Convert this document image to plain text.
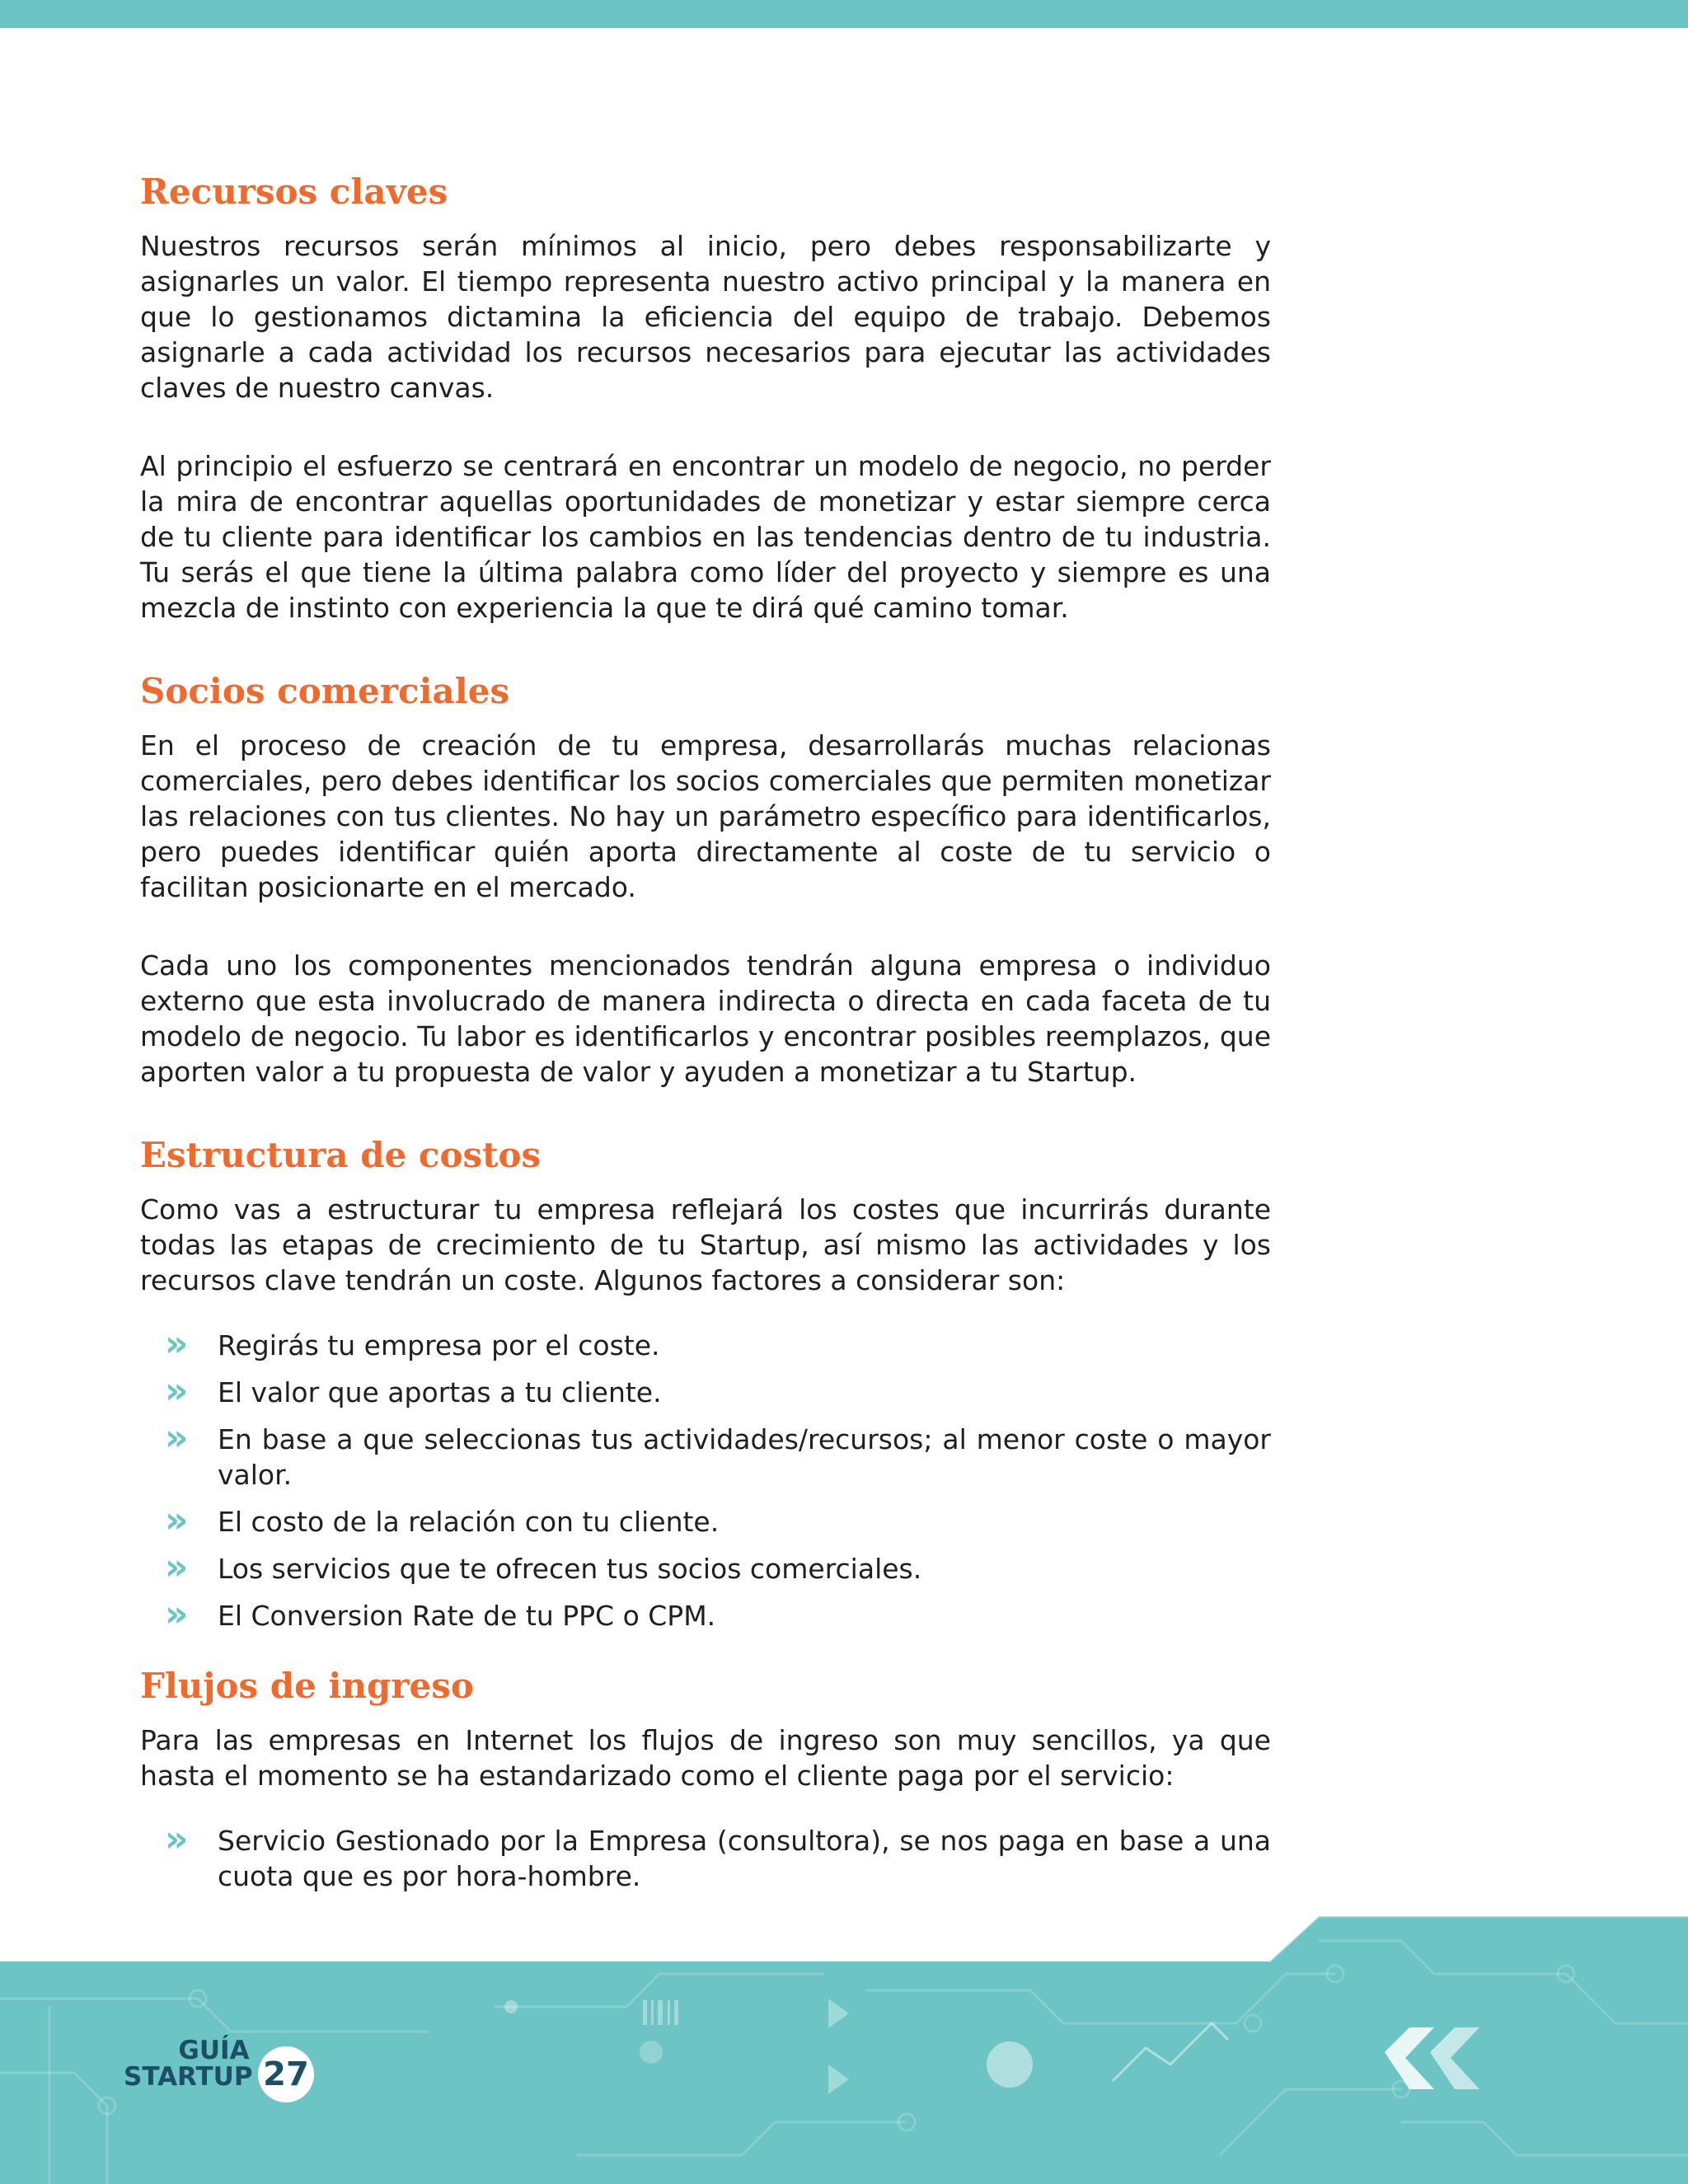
Recursos claves

Nuestros recursos serán mínimos al inicio, pero debes responsabilizarte y asignarles un valor. El tiempo representa nuestro activo principal y la manera en que lo gestionamos dictamina la eficiencia del equipo de trabajo. Debemos asignarle a cada actividad los recursos necesarios para ejecutar las actividades claves de nuestro canvas.

Al principio el esfuerzo se centrará en encontrar un modelo de negocio, no perder la mira de encontrar aquellas oportunidades de monetizar y estar siempre cerca de tu cliente para identificar los cambios en las tendencias dentro de tu industria. Tu serás el que tiene la última palabra como líder del proyecto y siempre es una mezcla de instinto con experiencia la que te dirá qué camino tomar.

Socios comerciales

En el proceso de creación de tu empresa, desarrollarás muchas relacionas comerciales, pero debes identificar los socios comerciales que permiten monetizar las relaciones con tus clientes. No hay un parámetro específico para identificarlos, pero puedes identificar quién aporta directamente al coste de tu servicio o facilitan posicionarte en el mercado.

Cada uno los componentes mencionados tendrán alguna empresa o individuo externo que esta involucrado de manera indirecta o directa en cada faceta de tu modelo de negocio. Tu labor es identificarlos y encontrar posibles reemplazos, que aporten valor a tu propuesta de valor y ayuden a monetizar a tu Startup.

Estructura de costos

Como vas a estructurar tu empresa reflejará los costes que incurrirás durante todas las etapas de crecimiento de tu Startup, así mismo las actividades y los recursos clave tendrán un coste. Algunos factores a considerar son:

» Regirás tu empresa por el coste.
» El valor que aportas a tu cliente.
» En base a que seleccionas tus actividades/recursos; al menor coste o mayor valor.
» El costo de la relación con tu cliente.
» Los servicios que te ofrecen tus socios comerciales.
» El Conversion Rate de tu PPC o CPM.
Flujos de ingreso

Para las empresas en Internet los flujos de ingreso son muy sencillos, ya que hasta el momento se ha estandarizado como el cliente paga por el servicio:

» Servicio Gestionado por la Empresa (consultora), se nos paga en base a una cuota que es por hora-hombre.
GUÍA
STARTUP 27
